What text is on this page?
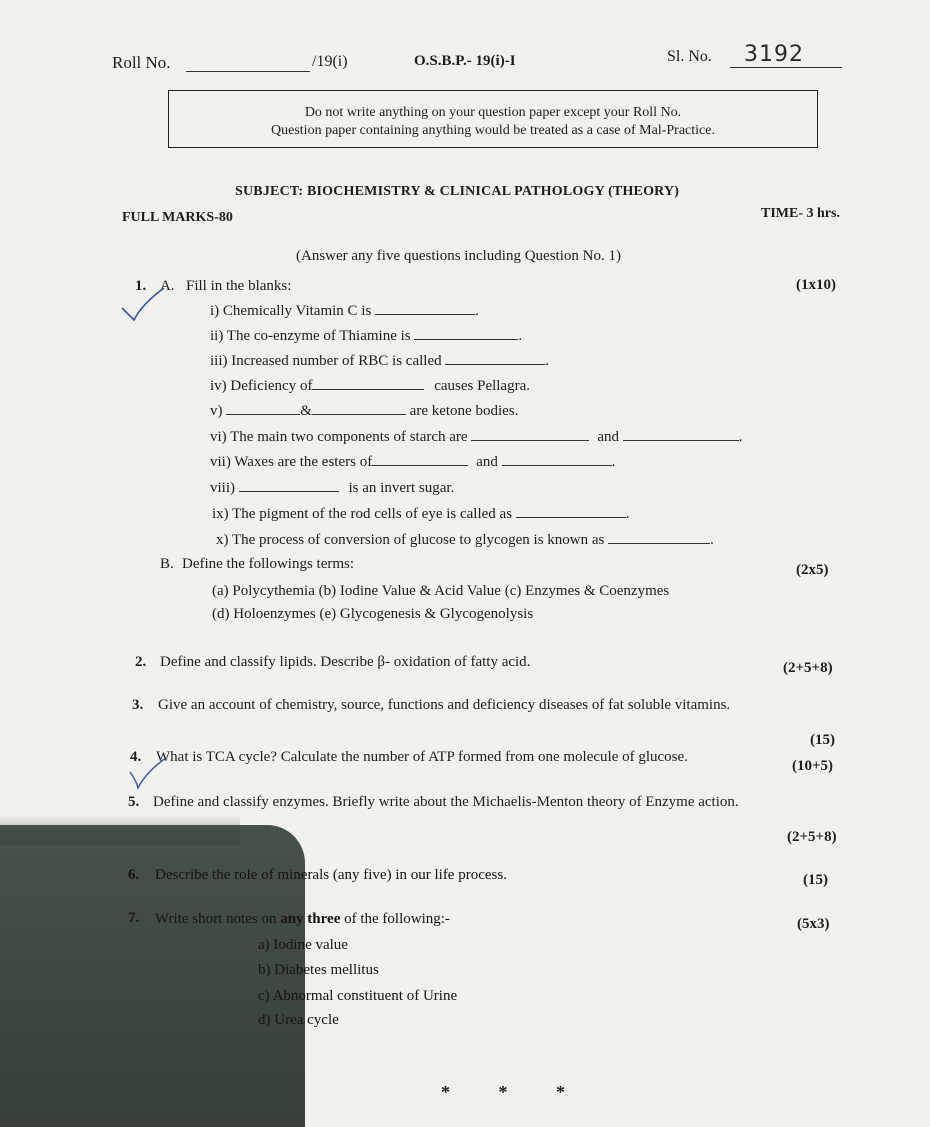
Roll No.	/19(i)	O.S.B.P.- 19(i)-I	Sl. No.	3192
Do not write anything on your question paper except your Roll No.
Question paper containing anything would be treated as a case of Mal-Practice.
SUBJECT: BIOCHEMISTRY & CLINICAL PATHOLOGY (THEORY)
FULL MARKS-80	TIME- 3 hrs.
(Answer any five questions including Question No. 1)
1. A. Fill in the blanks:	(1x10)
i) Chemically Vitamin C is	.
ii) The co-enzyme of Thiamine is	.
iii) Increased number of RBC is called	.
iv) Deficiency of	causes Pellagra.
v)	&	are ketone bodies.
vi) The main two components of starch are	and	.
vii) Waxes are the esters of	and	.
viii)	is an invert sugar.
ix) The pigment of the rod cells of eye is called as	.
x) The process of conversion of glucose to glycogen is known as	.
B. Define the followings terms:	(2x5)
(a) Polycythemia (b) Iodine Value & Acid Value (c) Enzymes & Coenzymes
(d) Holoenzymes (e) Glycogenesis & Glycogenolysis
2. Define and classify lipids. Describe β- oxidation of fatty acid.	(2+5+8)
3. Give an account of chemistry, source, functions and deficiency diseases of fat soluble vitamins.
(15)
4. What is TCA cycle? Calculate the number of ATP formed from one molecule of glucose.
(10+5)
5. Define and classify enzymes. Briefly write about the Michaelis-Menton theory of Enzyme action.
(2+5+8)
6. Describe the role of minerals (any five) in our life process.	(15)
7. Write short notes on any three of the following:-	(5x3)
a) Iodine value
b) Diabetes mellitus
c) Abnormal constituent of Urine
d) Urea cycle
* * *
